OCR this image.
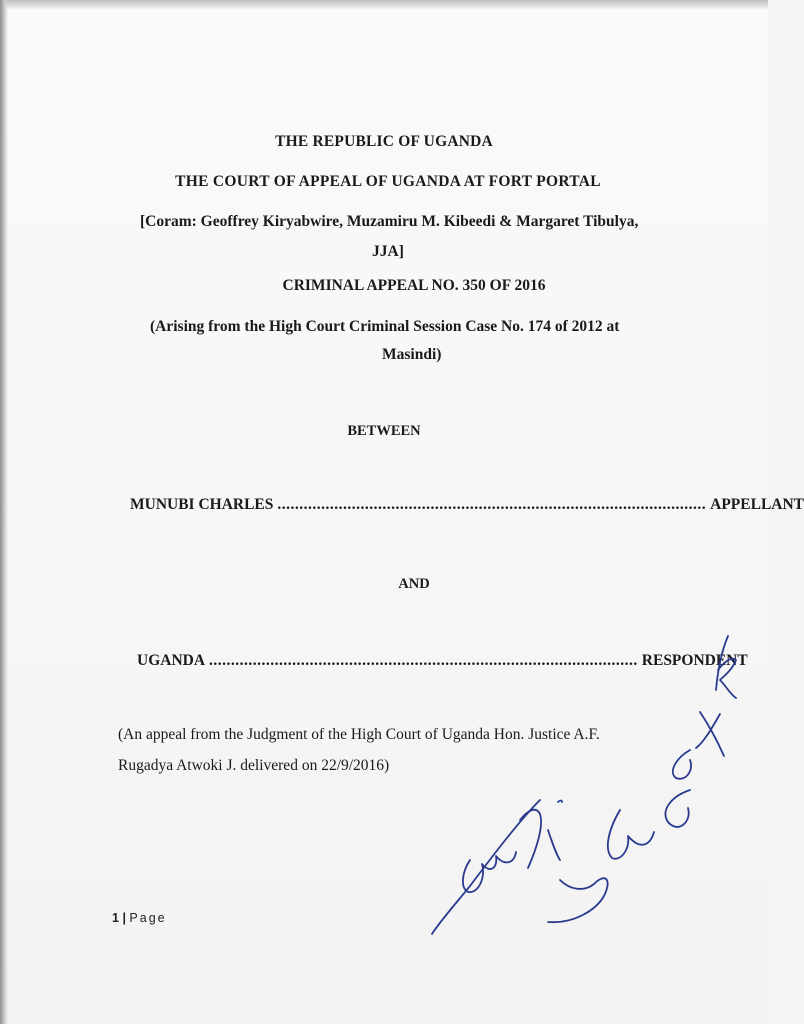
THE REPUBLIC OF UGANDA
THE COURT OF APPEAL OF UGANDA AT FORT PORTAL
[Coram: Geoffrey Kiryabwire, Muzamiru M. Kibeedi & Margaret Tibulya,
JJA]
CRIMINAL APPEAL NO. 350 OF 2016
(Arising from the High Court Criminal Session Case No. 174 of 2012 at
Masindi)
BETWEEN
MUNUBI CHARLES .................................................................................................. APPELLANT
AND
UGANDA .................................................................................................. RESPONDENT
(An appeal from the Judgment of the High Court of Uganda Hon. Justice A.F.
Rugadya Atwoki J. delivered on 22/9/2016)
1 | Page
